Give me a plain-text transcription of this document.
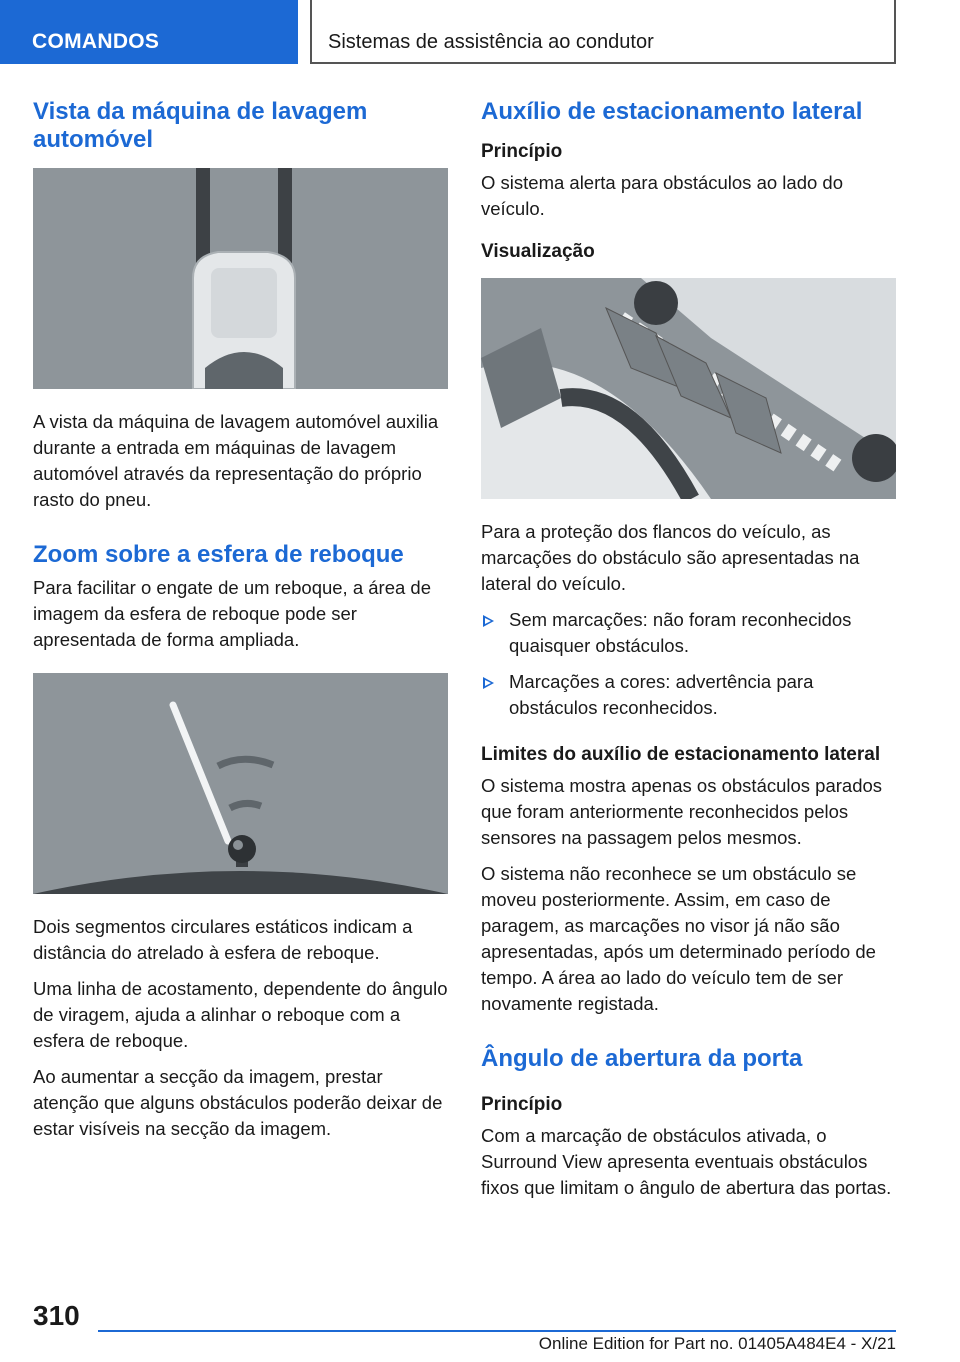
COMANDOS	Sistemas de assistência ao condutor
Vista da máquina de lavagem automóvel

A vista da máquina de lavagem automóvel auxilia durante a entrada em máquinas de lavagem automóvel através da representação do próprio rasto do pneu.

Zoom sobre a esfera de reboque

Para facilitar o engate de um reboque, a área de imagem da esfera de reboque pode ser apresentada de forma ampliada.

Dois segmentos circulares estáticos indicam a distância do atrelado à esfera de reboque.

Uma linha de acostamento, dependente do ângulo de viragem, ajuda a alinhar o reboque com a esfera de reboque.

Ao aumentar a secção da imagem, prestar atenção que alguns obstáculos poderão deixar de estar visíveis na secção da imagem.

Auxílio de estacionamento lateral
Princípio

O sistema alerta para obstáculos ao lado do veículo.

Visualização

Para a proteção dos flancos do veículo, as marcações do obstáculo são apresentadas na lateral do veículo.

Sem marcações: não foram reconhecidos quaisquer obstáculos.
Marcações a cores: advertência para obstáculos reconhecidos.
Limites do auxílio de estacionamento lateral

O sistema mostra apenas os obstáculos parados que foram anteriormente reconhecidos pelos sensores na passagem pelos mesmos.

O sistema não reconhece se um obstáculo se moveu posteriormente. Assim, em caso de paragem, as marcações no visor já não são apresentadas, após um determinado período de tempo. A área ao lado do veículo tem de ser novamente registada.

Ângulo de abertura da porta
Princípio

Com a marcação de obstáculos ativada, o Surround View apresenta eventuais obstáculos fixos que limitam o ângulo de abertura das portas.

310
Online Edition for Part no. 01405A484E4 - X/21
